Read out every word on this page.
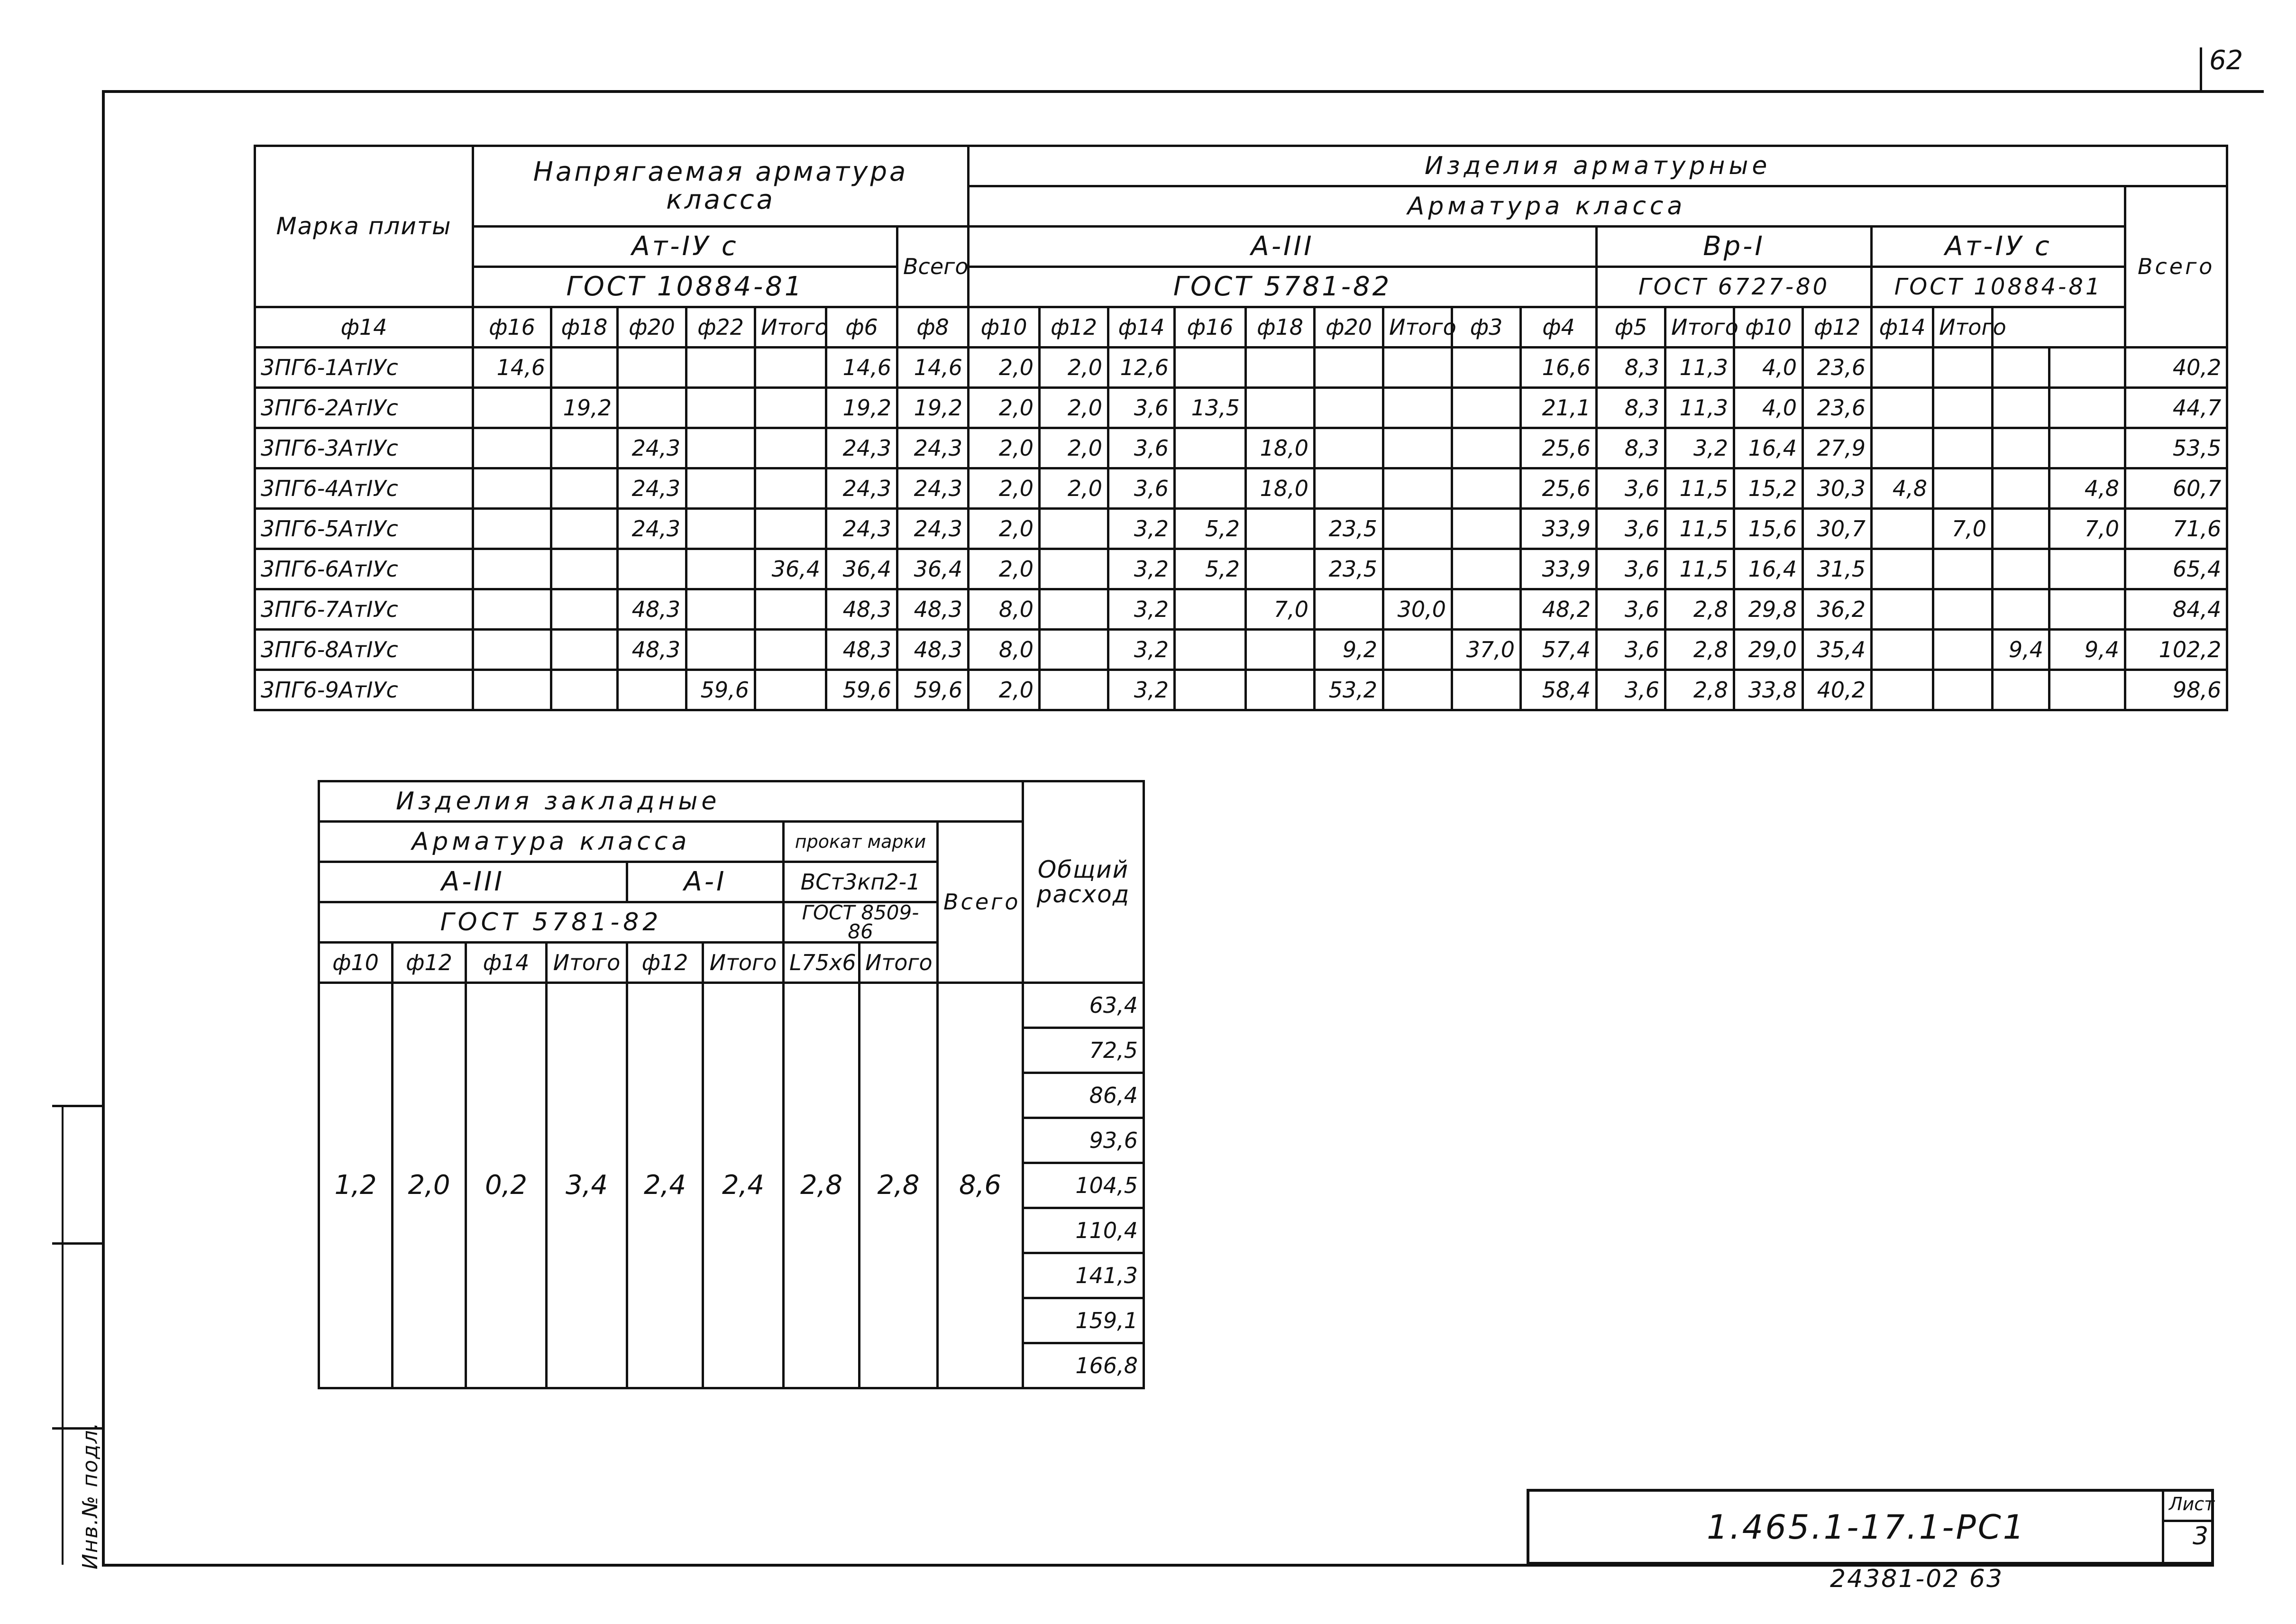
62
Инв.№ подл.
Марка плиты	Напрягаемая арматура класса							Изделия арматурные																	
								Арматура класса																	Всего
	Ат-IУ с						Всего	А-III									Вр-I				Ат-IУ с				
	ГОСТ 10884-81							ГОСТ 5781-82									ГОСТ 6727-80				ГОСТ 10884-81				
ф14	ф16	ф18	ф20	ф22	Итого	ф6	ф8	ф10	ф12	ф14	ф16	ф18	ф20	Итого	ф3	ф4	ф5	Итого	ф10	ф12	ф14	Итого			
3ПГ6-1АтIУс	14,6					14,6	14,6	2,0	2,0	12,6						16,6	8,3	11,3	4,0	23,6					40,2
3ПГ6-2АтIУс		19,2				19,2	19,2	2,0	2,0	3,6	13,5					21,1	8,3	11,3	4,0	23,6					44,7
3ПГ6-3АтIУс			24,3			24,3	24,3	2,0	2,0	3,6		18,0				25,6	8,3	3,2	16,4	27,9					53,5
3ПГ6-4АтIУс			24,3			24,3	24,3	2,0	2,0	3,6		18,0				25,6	3,6	11,5	15,2	30,3	4,8			4,8	60,7
3ПГ6-5АтIУс			24,3			24,3	24,3	2,0		3,2	5,2		23,5			33,9	3,6	11,5	15,6	30,7		7,0		7,0	71,6
3ПГ6-6АтIУс					36,4	36,4	36,4	2,0		3,2	5,2		23,5			33,9	3,6	11,5	16,4	31,5					65,4
3ПГ6-7АтIУс			48,3			48,3	48,3	8,0		3,2		7,0		30,0		48,2	3,6	2,8	29,8	36,2					84,4
3ПГ6-8АтIУс			48,3			48,3	48,3	8,0		3,2			9,2		37,0	57,4	3,6	2,8	29,0	35,4			9,4	9,4	102,2
3ПГ6-9АтIУс				59,6		59,6	59,6	2,0		3,2			53,2			58,4	3,6	2,8	33,8	40,2					98,6
Изделия закладные	Общий расход
Арматура класса	прокат марки	Всего
А-III	А-I	ВСт3кп2-1
ГОСТ 5781-82	ГОСТ 8509-86
ф10	ф12	ф14	Итого	ф12	Итого	L75x6	Итого
1,2	2,0	0,2	3,4	2,4	2,4	2,8	2,8	8,6	
63,4
72,5
86,4
93,6
104,5
110,4
141,3
159,1
166,8
1.465.1-17.1-РС1
Лист
3
24381-02 63
